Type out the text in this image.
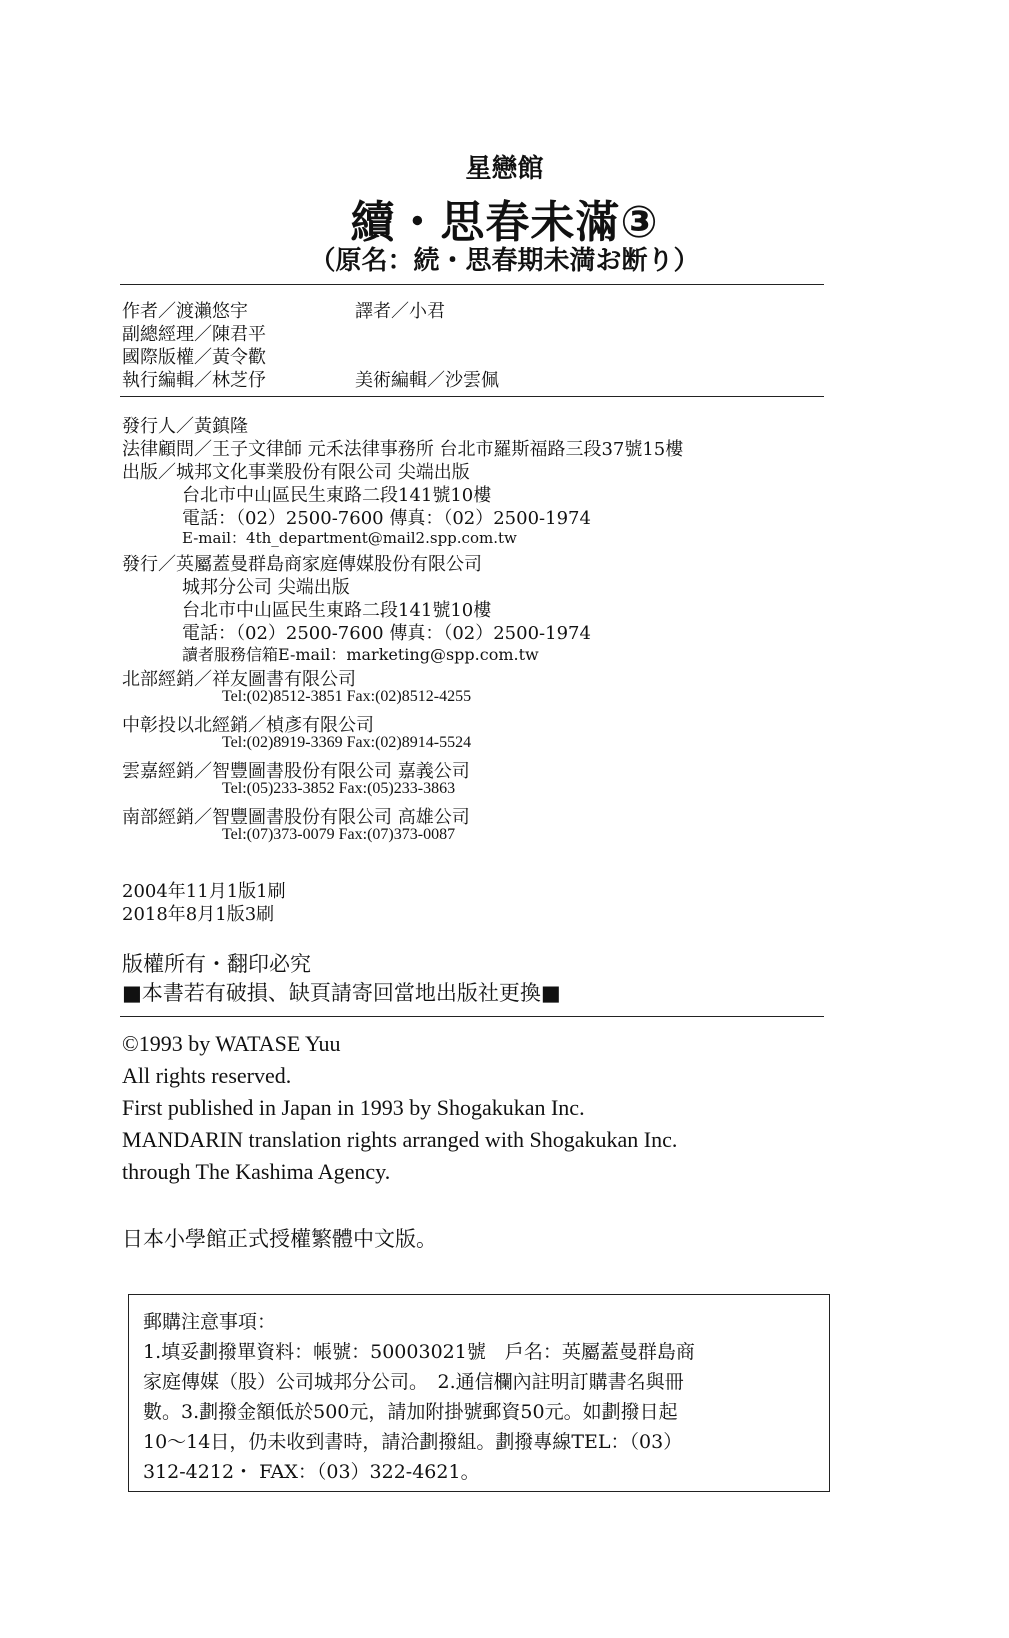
星戀館
續・思春未滿③
（原名：続・思春期未満お断り）
作者／渡瀨悠宇	譯者／小君
副總經理／陳君平
國際版權／黃令歡
執行編輯／林芝伃	美術編輯／沙雲佩
發行人／黃鎮隆
法律顧問／王子文律師 元禾法律事務所 台北市羅斯福路三段37號15樓
出版／城邦文化事業股份有限公司 尖端出版
台北市中山區民生東路二段141號10樓
電話：（02）2500-7600 傳真：（02）2500-1974
E-mail：4th_department@mail2.spp.com.tw
發行／英屬蓋曼群島商家庭傳媒股份有限公司
城邦分公司 尖端出版
台北市中山區民生東路二段141號10樓
電話：（02）2500-7600 傳真：（02）2500-1974
讀者服務信箱E-mail：marketing@spp.com.tw
北部經銷／祥友圖書有限公司
Tel:(02)8512-3851 Fax:(02)8512-4255
中彰投以北經銷／楨彥有限公司
Tel:(02)8919-3369 Fax:(02)8914-5524
雲嘉經銷／智豐圖書股份有限公司 嘉義公司
Tel:(05)233-3852 Fax:(05)233-3863
南部經銷／智豐圖書股份有限公司 高雄公司
Tel:(07)373-0079 Fax:(07)373-0087
2004年11月1版1刷
2018年8月1版3刷
版權所有・翻印必究
■本書若有破損、缺頁請寄回當地出版社更換■
©1993 by WATASE Yuu
All rights reserved.
First published in Japan in 1993 by Shogakukan Inc.
MANDARIN translation rights arranged with Shogakukan Inc.
through The Kashima Agency.
日本小學館正式授權繁體中文版。
郵購注意事項：
1.填妥劃撥單資料：帳號：50003021號　戶名：英屬蓋曼群島商
家庭傳媒（股）公司城邦分公司。　2.通信欄內註明訂購書名與冊
數。3.劃撥金額低於500元，請加附掛號郵資50元。如劃撥日起
10～14日，仍未收到書時，請洽劃撥組。劃撥專線TEL：（03）
312-4212・ FAX：（03）322-4621。
